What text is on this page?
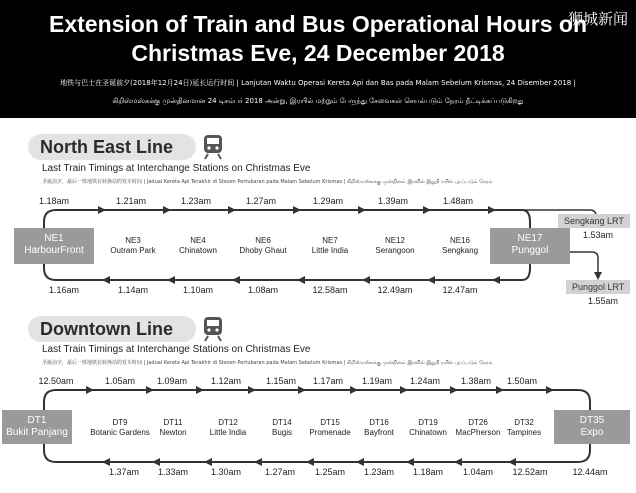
狮城新闻
Extension of Train and Bus Operational Hours on
Christmas Eve, 24 December 2018
地铁与巴士在圣诞前夕(2018年12月24日)延长运行时间 | Lanjutan Waktu Operasi Kereta Api dan Bas pada Malam Sebelum Krismas, 24 Disember 2018 |
கிறிஸ்மஸ்சுக்கு முன்தினமான 24 டிசம்பர் 2018 அன்று, இரயில் மற்றும் பேருந்து சேவைகள் செயல்படும் நேரம் நீட்டிக்கப்படுகிறது
North East Line
Last Train Timings at Interchange Stations on Christmas Eve
圣诞前夕，最后一班地铁在转换站的发车时间 | Jadual Kereta Api Terakhir di Stesen Pertukaran pada Malam Sebelum Krismas | கிறிஸ்மஸ்சுக்கு முன்தினம் இரவில் இறுதி ரயில் புறப்படும் நேரம்
NE1
HarbourFront
NE17
Punggol
1.18am
1.16am
1.21am	1.23am	1.27am	1.29am	1.39am	1.48am
NE3
Outram Park
NE4
Chinatown
NE6
Dhoby Ghaut
NE7
Little India
NE12
Serangoon
NE16
Sengkang
1.14am	1.10am	1.08am	12.58am	12.49am	12.47am
Sengkang LRT
1.53am
Punggol LRT
1.55am
Downtown Line
Last Train Timings at Interchange Stations on Christmas Eve
圣诞前夕，最后一班地铁在转换站的发车时间 | Jadual Kereta Api Terakhir di Stesen Pertukaran pada Malam Sebelum Krismas | கிறிஸ்மஸ்சுக்கு முன்தினம் இரவில் இறுதி ரயில் புறப்படும் நேரம்
DT1
Bukit Panjang
DT35
Expo
12.50am
1.37am
1.05am 1.09am	1.12am	1.15am 1.17am 1.19am 1.24am 1.38am 1.50am
DT9
Botanic Gardens
DT11
Newton
DT12
Little India
DT14
Bugis
DT15
Promenade
DT16
Bayfront
DT19
Chinatown
DT26
MacPherson
DT32
Tampines
1.33am	1.30am	1.27am 1.25am 1.23am 1.18am 1.04am 12.52am	12.44am
